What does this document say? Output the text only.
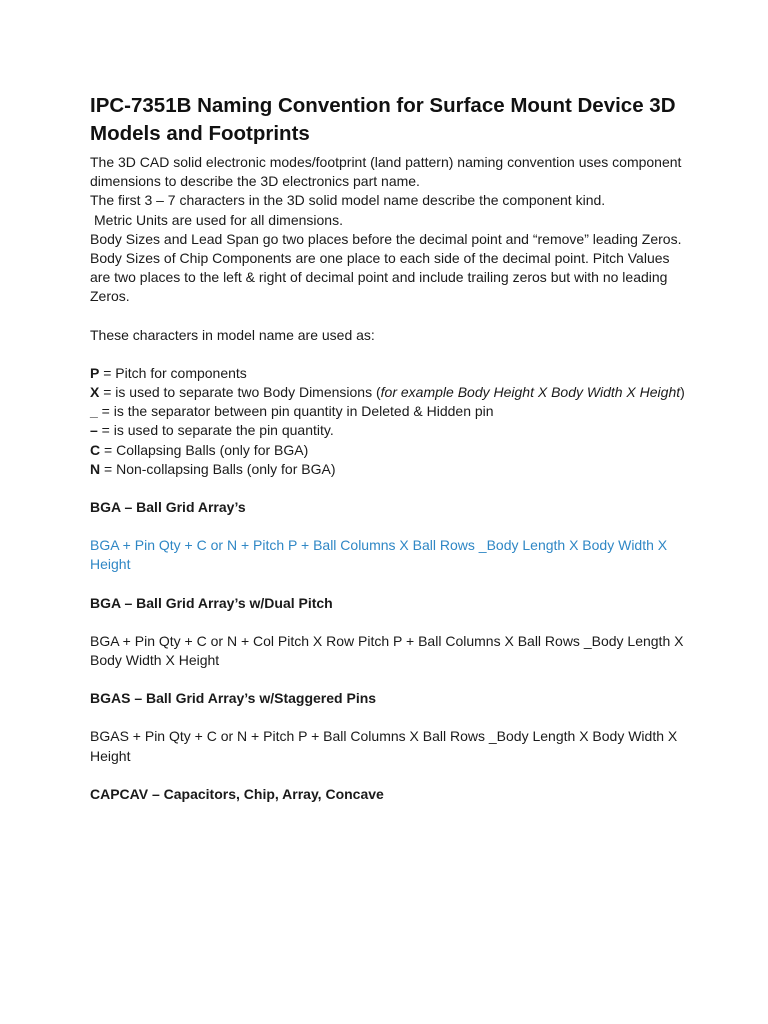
IPC-7351B Naming Convention for Surface Mount Device 3D Models and Footprints

The 3D CAD solid electronic modes/footprint (land pattern) naming convention uses component dimensions to describe the 3D electronics part name.

The first 3 – 7 characters in the 3D solid model name describe the component kind.

Metric Units are used for all dimensions.

Body Sizes and Lead Span go two places before the decimal point and “remove” leading Zeros. Body Sizes of Chip Components are one place to each side of the decimal point. Pitch Values are two places to the left & right of decimal point and include trailing zeros but with no leading Zeros.

These characters in model name are used as:

P = Pitch for components

X = is used to separate two Body Dimensions (for example Body Height X Body Width X Height)

_ = is the separator between pin quantity in Deleted & Hidden pin

– = is used to separate the pin quantity.

C = Collapsing Balls (only for BGA)

N = Non-collapsing Balls (only for BGA)

BGA – Ball Grid Array’s

BGA + Pin Qty + C or N + Pitch P + Ball Columns X Ball Rows _Body Length X Body Width X Height

BGA – Ball Grid Array’s w/Dual Pitch

BGA + Pin Qty + C or N + Col Pitch X Row Pitch P + Ball Columns X Ball Rows _Body Length X Body Width X Height

BGAS – Ball Grid Array’s w/Staggered Pins

BGAS + Pin Qty + C or N + Pitch P + Ball Columns X Ball Rows _Body Length X Body Width X Height

CAPCAV – Capacitors, Chip, Array, Concave
